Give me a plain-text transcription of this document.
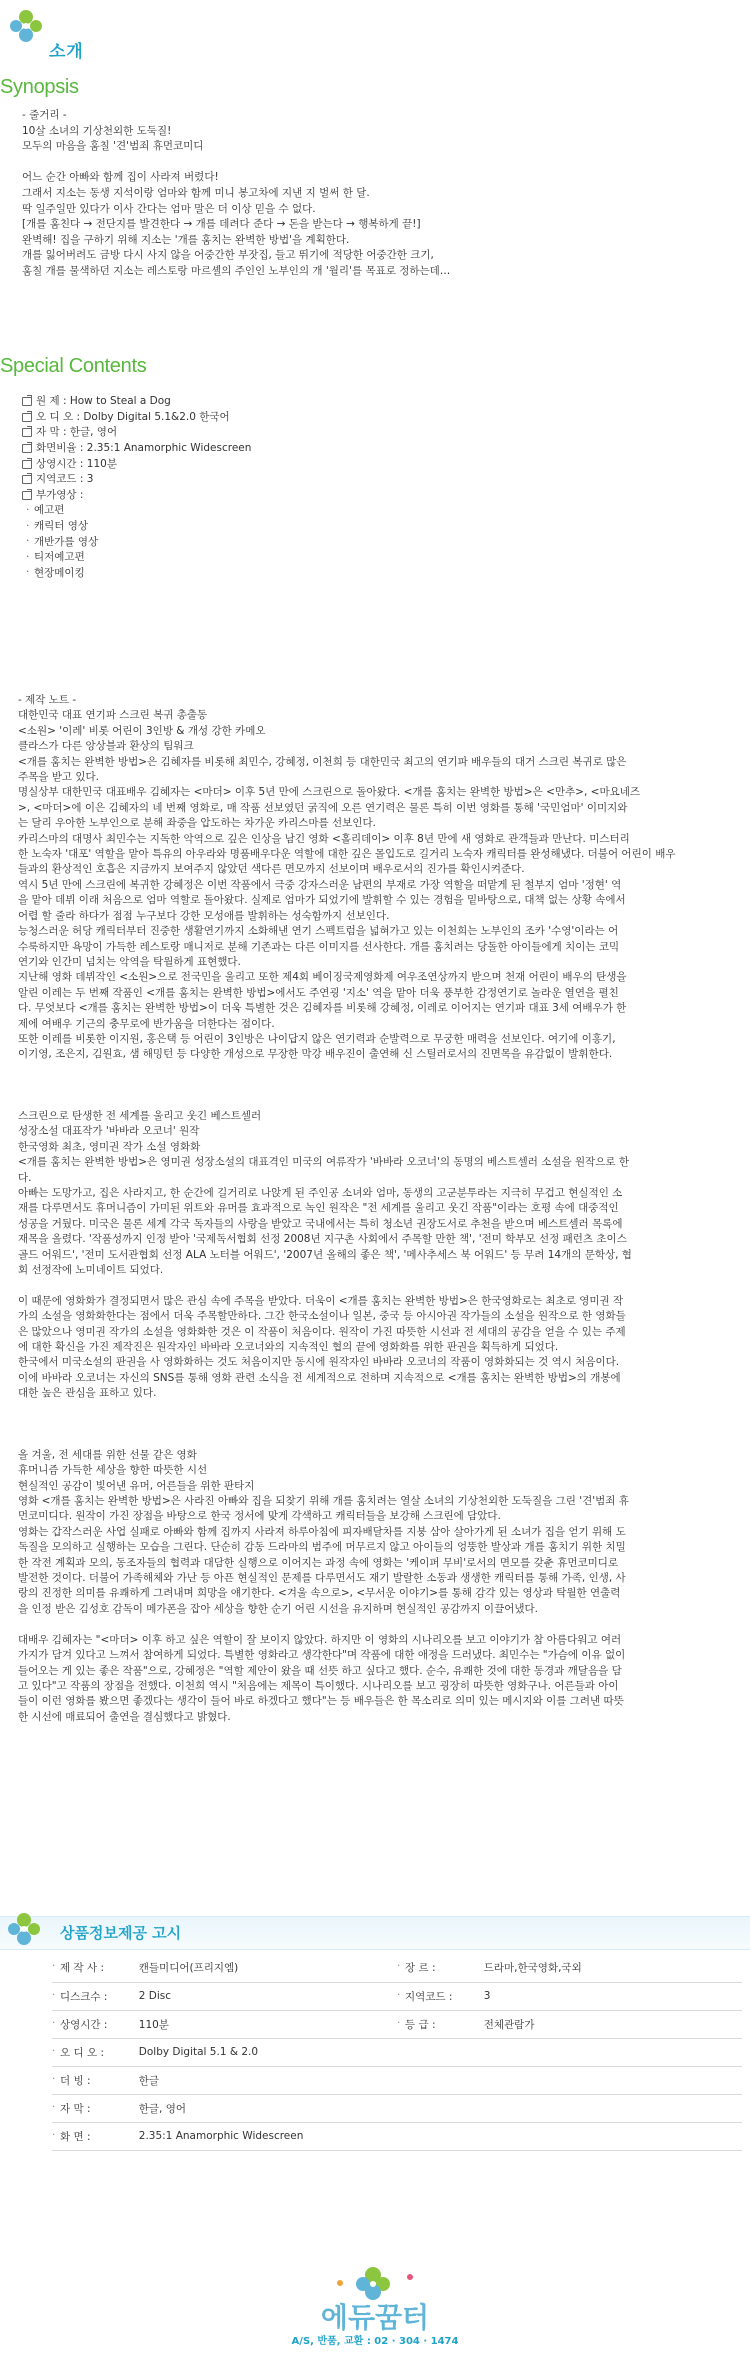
소개
Synopsis

- 줄거리 -

10살 소녀의 기상천외한 도둑질!

모두의 마음을 훔칠 '견'범죄 휴먼코미디

어느 순간 아빠와 함께 집이 사라져 버렸다!

그래서 지소는 동생 지석이랑 엄마와 함께 미니 봉고차에 지낸 지 벌써 한 달.

딱 일주일만 있다가 이사 간다는 엄마 말은 더 이상 믿을 수 없다.

[개를 훔친다 → 전단지를 발견한다 → 개를 데려다 준다 → 돈을 받는다 → 행복하게 끝!]

완벽해! 집을 구하기 위해 지소는 '개를 훔치는 완벽한 방법'을 계획한다.

개를 잃어버려도 금방 다시 사지 않을 어중간한 부잣집, 들고 뛰기에 적당한 어중간한 크기,

훔칠 개를 물색하던 지소는 레스토랑 마르셸의 주인인 노부인의 개 '월리'를 목표로 정하는데…

Special Contents
원 제 : How to Steal a Dog
오 디 오 : Dolby Digital 5.1&2.0 한국어
자 막 : 한글, 영어
화면비율 : 2.35:1 Anamorphic Widescreen
상영시간 : 110분
지역코드 : 3
부가영상 :
· 예고편
· 캐릭터 영상
· 개반가를 영상
· 티저예고편
· 현장메이킹

- 제작 노트 -

대한민국 대표 연기파 스크린 복귀 총출동

<소원> '이레' 비롯 어린이 3인방 & 개성 강한 카메오

클라스가 다른 앙상블과 환상의 팀워크

<개를 훔치는 완벽한 방법>은 김혜자를 비롯해 최민수, 강혜정, 이천희 등 대한민국 최고의 연기파 배우들의 대거 스크린 복귀로 많은

주목을 받고 있다.

명실상부 대한민국 대표배우 김혜자는 <마더> 이후 5년 만에 스크린으로 돌아왔다. <개를 훔치는 완벽한 방법>은 <만추>, <마요네즈

>, <마더>에 이은 김혜자의 네 번째 영화로, 매 작품 선보였던 굵직에 오른 연기력은 물론 특히 이번 영화를 통해 '국민엄마' 이미지와

는 달리 우아한 노부인으로 분해 좌중을 압도하는 차가운 카리스마를 선보인다.

카리스마의 대명사 최민수는 지독한 악역으로 깊은 인상을 남긴 영화 <홀리데이> 이후 8년 만에 새 영화로 관객들과 만난다. 미스터리

한 노숙자 '대포' 역할을 맡아 특유의 아우라와 명품배우다운 역할에 대한 깊은 몰입도로 길거리 노숙자 캐릭터를 완성해냈다. 더불어 어린이 배우

들과의 환상적인 호흡은 지금까지 보여주지 않았던 색다른 면모까지 선보이며 배우로서의 진가를 확인시켜준다.

역시 5년 만에 스크린에 복귀한 강혜정은 이번 작품에서 극중 강자스러운 남편의 부재로 가장 역할을 떠맡게 된 철부지 엄마 '정현' 역

을 맡아 데뷔 이래 처음으로 엄마 역할로 돌아왔다. 실제로 엄마가 되었기에 발휘할 수 있는 경험을 밑바탕으로, 대책 없는 상황 속에서

어렵 할 줄라 하다가 점점 누구보다 강한 모성애를 발휘하는 성숙함까지 선보인다.

능청스러운 허당 캐릭터부터 진중한 생활연기까지 소화해낸 연기 스펙트럼을 넓혀가고 있는 이천희는 노부인의 조카 '수영'이라는 어

수룩하지만 욕망이 가득한 레스토랑 매니저로 분해 기존과는 다른 이미지를 선사한다. 개를 훔치려는 당돌한 아이들에게 치이는 코믹

연기와 인간미 넘치는 악역을 탁월하게 표현했다.

지난해 영화 데뷔작인 <소원>으로 전국민을 울리고 또한 제4회 베이징국제영화제 여우조연상까지 받으며 천재 어린이 배우의 탄생을

알린 이레는 두 번째 작품인 <개를 훔치는 완벽한 방법>에서도 주연굉 '지소' 역을 맡아 더욱 풍부한 감정연기로 놀라운 열연을 펼친

다. 무엇보다 <개를 훔치는 완벽한 방법>이 더욱 특별한 것은 김혜자를 비롯해 강혜정, 이레로 이어지는 연기파 대표 3세 여배우가 한

제에 여배우 기근의 충무로에 반가움을 더한다는 점이다.

또한 이레를 비롯한 이지원, 홍은택 등 어린이 3인방은 나이답지 않은 연기력과 순발력으로 무궁한 매력을 선보인다. 여기에 이홍기,

이기영, 조은지, 김원효, 샘 해밍턴 등 다양한 개성으로 무장한 막강 배우진이 출연해 신 스틸러로서의 진면목을 유감없이 발휘한다.

스크린으로 탄생한 전 세계를 울리고 웃긴 베스트셀러

성장소설 대표작가 '바바라 오코너' 원작

한국영화 최초, 영미권 작가 소설 영화화

<개를 훔치는 완벽한 방법>은 영미권 성장소설의 대표격인 미국의 여류작가 '바바라 오코너'의 동명의 베스트셀러 소설을 원작으로 한

다.

아빠는 도망가고, 집은 사라지고, 한 순간에 길거리로 나앉게 된 주인공 소녀와 엄마, 동생의 고군분투라는 지극히 무겁고 현실적인 소

재를 다루면서도 휴머니즘이 가미된 위트와 유머를 효과적으로 녹인 원작은 "전 세계를 울리고 웃긴 작품"이라는 호평 속에 대중적인

성공을 거뒀다. 미국은 물론 세계 각국 독자들의 사랑을 받았고 국내에서는 특히 청소년 권장도서로 추천을 받으며 베스트셀러 목록에

재목을 올렸다. '작품성까지 인정 받아 '국제독서협회 선정 2008년 지구촌 사회에서 주목할 만한 책', '전미 학부모 선정 패런츠 초이스

골드 어워드', '전미 도서관협회 선정 ALA 노터블 어워드', '2007년 올해의 좋은 책', '메사추세스 북 어워드' 등 무려 14개의 문학상, 협

회 선정작에 노미네이트 되었다.

이 때문에 영화화가 결정되면서 많은 관심 속에 주목을 받았다. 더욱이 <개를 훔치는 완벽한 방법>은 한국영화로는 최초로 영미권 작

가의 소설을 영화화한다는 점에서 더욱 주목할만하다. 그간 한국소설이나 일본, 중국 등 아시아권 작가들의 소설을 원작으로 한 영화들

은 많았으나 영미권 작가의 소설을 영화화한 것은 이 작품이 처음이다. 원작이 가진 따뜻한 시선과 전 세대의 공감을 얻을 수 있는 주제

에 대한 확신을 가진 제작진은 원작자인 바바라 오코너와의 지속적인 협의 끝에 영화화를 위한 판권을 획득하게 되었다.

한국에서 미국소설의 판권을 사 영화화하는 것도 처음이지만 동시에 원작자인 바바라 오코너의 작품이 영화화되는 것 역시 처음이다.

이에 바바라 오코너는 자신의 SNS를 통해 영화 관련 소식을 전 세계적으로 전하며 지속적으로 <개를 훔치는 완벽한 방법>의 개봉에

대한 높은 관심을 표하고 있다.

올 겨울, 전 세대를 위한 선물 같은 영화

휴머니즘 가득한 세상을 향한 따뜻한 시선

현실적인 공감이 빛어낸 유머, 어른들을 위한 판타지

영화 <개를 훔치는 완벽한 방법>은 사라진 아빠와 집을 되찾기 위해 개를 훔치려는 열살 소녀의 기상천외한 도둑질을 그린 '견'범죄 휴

먼코미디다. 원작이 가진 장점을 바탕으로 한국 정서에 맞게 각색하고 캐릭터들을 보강해 스크린에 담았다.

영화는 갑작스러운 사업 실패로 아빠와 함께 집까지 사라져 하루아침에 피자배달차를 지붕 삼아 살아가게 된 소녀가 집을 얻기 위해 도

독질을 모의하고 실행하는 모습을 그린다. 단순히 감동 드라마의 범주에 머무르지 않고 아이들의 엉뚱한 발상과 개를 훔치기 위한 치밀

한 작전 계획과 모의, 동조자들의 협력과 대담한 실행으로 이어지는 과정 속에 영화는 '케이퍼 무비'로서의 면모를 갖춘 휴먼코미디로

발전한 것이다. 더불어 가족해체와 가난 등 아픈 현실적인 문제를 다루면서도 재기 발랄한 소동과 생생한 캐릭터를 통해 가족, 인생, 사

랑의 진정한 의미를 유쾌하게 그려내며 희망을 얘기한다. <겨울 속으로>, <무서운 이야기>를 통해 감각 있는 영상과 탁월한 연출력

을 인정 받은 김성호 감독이 메가폰을 잡아 세상을 향한 순기 어린 시선을 유지하며 현실적인 공감까지 이끌어냈다.

대배우 김혜자는 "<마더> 이후 하고 싶은 역할이 잘 보이지 않았다. 하지만 이 영화의 시나리오를 보고 이야기가 참 아름다워고 여러

가지가 담겨 있다고 느껴서 참여하게 되었다. 특별한 영화라고 생각한다"며 작품에 대한 애정을 드러냈다. 최민수는 "가슴에 이유 없이

들어오는 게 있는 좋은 작품"으로, 강혜정은 "역할 제안이 왔을 때 선뜻 하고 싶다고 했다. 순수, 유쾌한 것에 대한 동경과 깨달음을 담

고 있다"고 작품의 장점을 전했다. 이천희 역시 "처음에는 제목이 특이했다. 시나리오를 보고 굉장히 따뜻한 영화구나. 어른들과 아이

들이 이런 영화를 봤으면 좋겠다는 생각이 들어 바로 하겠다고 했다"는 등 배우들은 한 목소리로 의미 있는 메시지와 이를 그려낸 따뜻

한 시선에 매료되어 출연을 결심했다고 밝혔다.

상품정보제공 고시
· 제 작 사 :	캔들미디어(프리지엠)	· 장 르 :	드라마,한국영화,국외
· 디스크수 :	2 Disc	· 지역코드 :	3
· 상영시간 :	110분	· 등 급 :	전체관람가
· 오 디 오 :	Dolby Digital 5.1 & 2.0		
· 더 빙 :	한글		
· 자 막 :	한글, 영어		
· 화 면 :	2.35:1 Anamorphic Widescreen		
에듀꿈터
A/S, 반품, 교환 : 02 · 304 · 1474
